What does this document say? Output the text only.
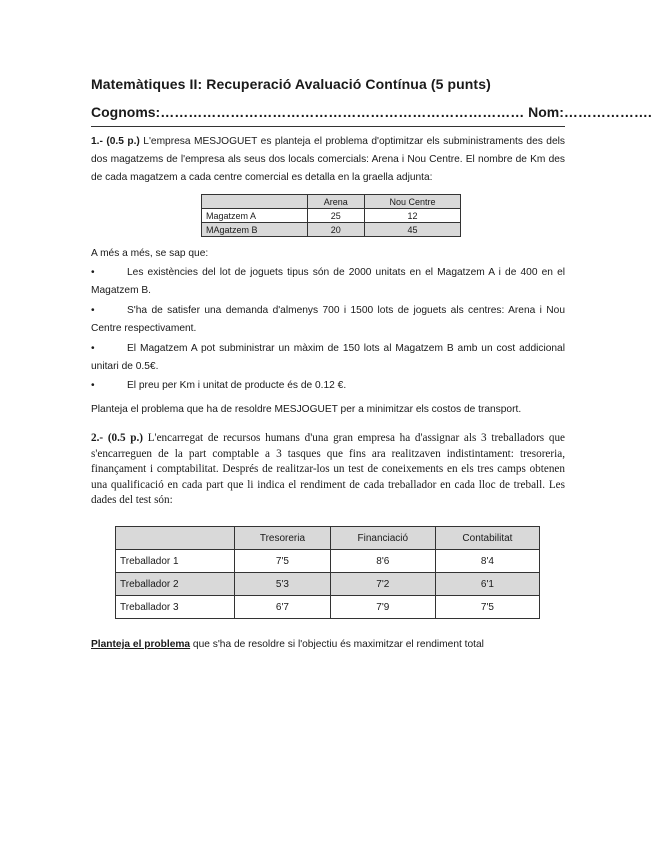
Matemàtiques II: Recuperació Avaluació Contínua (5 punts)
Cognoms:…………………………………………………………………… Nom:……………….
1.- (0.5 p.) L'empresa MESJOGUET es planteja el problema d'optimitzar els subministraments des dels dos magatzems de l'empresa als seus dos locals comercials: Arena i Nou Centre. El nombre de Km des de cada magatzem a cada centre comercial es detalla en la graella adjunta:
	Arena	Nou Centre
Magatzem A	25	12
MAgatzem B	20	45
A més a més, se sap que:
•	Les existències del lot de joguets tipus són de 2000 unitats en el Magatzem A i de 400 en el Magatzem B.
•	S'ha de satisfer una demanda d'almenys 700 i 1500 lots de joguets als centres: Arena i Nou Centre respectivament.
•	El Magatzem A pot subministrar un màxim de 150 lots al Magatzem B amb un cost addicional unitari de 0.5€.
•	El preu per Km i unitat de producte és de 0.12 €.
Planteja el problema que ha de resoldre MESJOGUET per a minimitzar els costos de transport.
2.- (0.5 p.) L'encarregat de recursos humans d'una gran empresa ha d'assignar als 3 treballadors que s'encarreguen de la part comptable a 3 tasques que fins ara realitzaven indistintament: tresoreria, finançament i comptabilitat. Després de realitzar-los un test de coneixements en els tres camps obtenen una qualificació en cada part que li indica el rendiment de cada treballador en cada lloc de treball. Les dades del test són:
	Tresoreria	Financiació	Contabilitat
Treballador 1	7'5	8'6	8'4
Treballador 2	5'3	7'2	6'1
Treballador 3	6'7	7'9	7'5
Planteja el problema que s'ha de resoldre si l'objectiu és maximitzar el rendiment total
